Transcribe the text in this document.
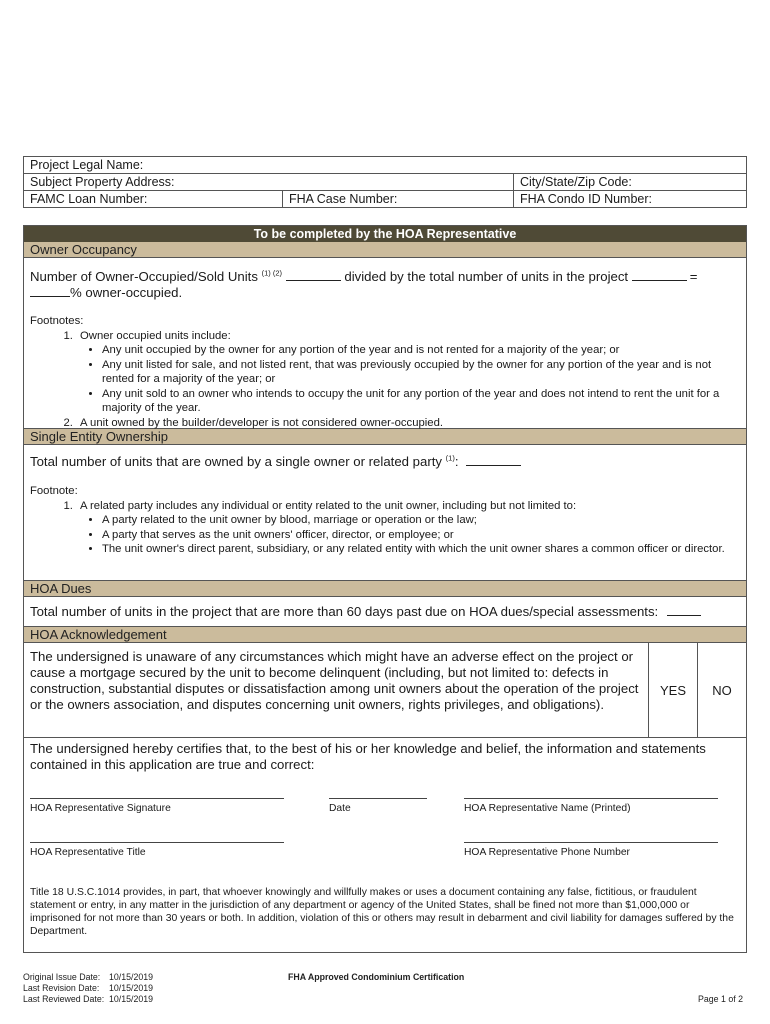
Project Legal Name:		
Subject Property Address:		City/State/Zip Code:
FAMC Loan Number:	FHA Case Number:	FHA Condo ID Number:
To be completed by the HOA Representative
Owner Occupancy
Number of Owner-Occupied/Sold Units $^{(1) (2)}$	divided by the total number of units in the project	=
% owner-occupied.
Footnotes:
1. Owner occupied units include:
• Any unit occupied by the owner for any portion of the year and is not rented for a majority of the year; or
• Any unit listed for sale, and not listed rent, that was previously occupied by the owner for any portion of the year and is not rented for a majority of the year; or
• Any unit sold to an owner who intends to occupy the unit for any portion of the year and does not intend to rent the unit for a majority of the year.
2. A unit owned by the builder/developer is not considered owner-occupied.
Single Entity Ownership
Total number of units that are owned by a single owner or related party $^{(1)}$:
Footnote:
1. A related party includes any individual or entity related to the unit owner, including but not limited to:
• A party related to the unit owner by blood, marriage or operation or the law;
• A party that serves as the unit owners' officer, director, or employee; or
• The unit owner's direct parent, subsidiary, or any related entity with which the unit owner shares a common officer or director.
HOA Dues
Total number of units in the project that are more than 60 days past due on HOA dues/special assessments:
HOA Acknowledgement
The undersigned is unaware of any circumstances which might have an adverse effect on the project or cause a mortgage secured by the unit to become delinquent (including, but not limited to: defects in construction, substantial disputes or dissatisfaction among unit owners about the operation of the project or the owners association, and disputes concerning unit owners, rights privileges, and obligations).
YES NO
The undersigned hereby certifies that, to the best of his or her knowledge and belief, the information and statements contained in this application are true and correct:
HOA Representative Signature	Date	HOA Representative Name (Printed)
HOA Representative Title	HOA Representative Phone Number
Title 18 U.S.C.1014 provides, in part, that whoever knowingly and willfully makes or uses a document containing any false, fictitious, or fraudulent statement or entry, in any matter in the jurisdiction of any department or agency of the United States, shall be fined not more than $1,000,000 or imprisoned for not more than 30 years or both. In addition, violation of this or others may result in debarment and civil liability for damages suffered by the Department.
Original Issue Date: 10/15/2019
Last Revision Date: 10/15/2019
Last Reviewed Date: 10/15/2019
FHA Approved Condominium Certification
Page 1 of 2
